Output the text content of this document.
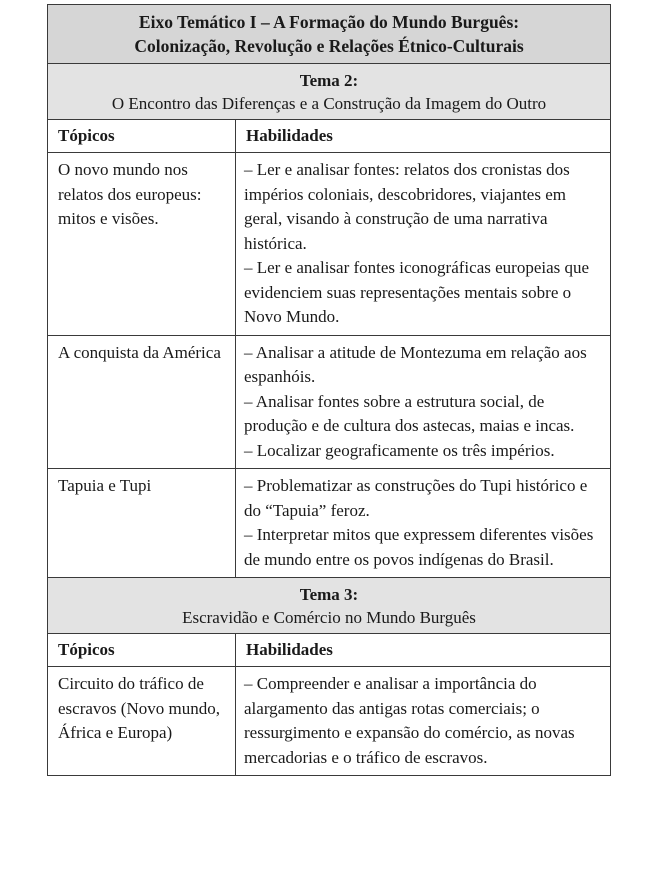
Eixo Temático I – A Formação do Mundo Burguês:
Colonização, Revolução e Relações Étnico-Culturais	

Tema 2:
O Encontro das Diferenças e a Construção da Imagem do Outro	

Tópicos	Habilidades
O novo mundo nos relatos dos europeus: mitos e visões.	– Ler e analisar fontes: relatos dos cronistas dos impérios coloniais, descobridores, viajantes em geral, visando à construção de uma narrativa histórica.
– Ler e analisar fontes iconográficas europeias que evidenciem suas representações mentais sobre o Novo Mundo.

A conquista da América	– Analisar a atitude de Montezuma em relação aos espanhóis.
– Analisar fontes sobre a estrutura social, de produção e de cultura dos astecas, maias e incas.
– Localizar geograficamente os três impérios.

Tapuia e Tupi	– Problematizar as construções do Tupi histórico e do “Tapuia” feroz.
– Interpretar mitos que expressem diferentes visões de mundo entre os povos indígenas do Brasil.

Tema 3:
Escravidão e Comércio no Mundo Burguês	

Tópicos	Habilidades
Circuito do tráfico de escravos (Novo mundo, África e Europa)	– Compreender e analisar a importância do alargamento das antigas rotas comerciais; o ressurgimento e expansão do comércio, as novas mercadorias e o tráfico de escravos.
